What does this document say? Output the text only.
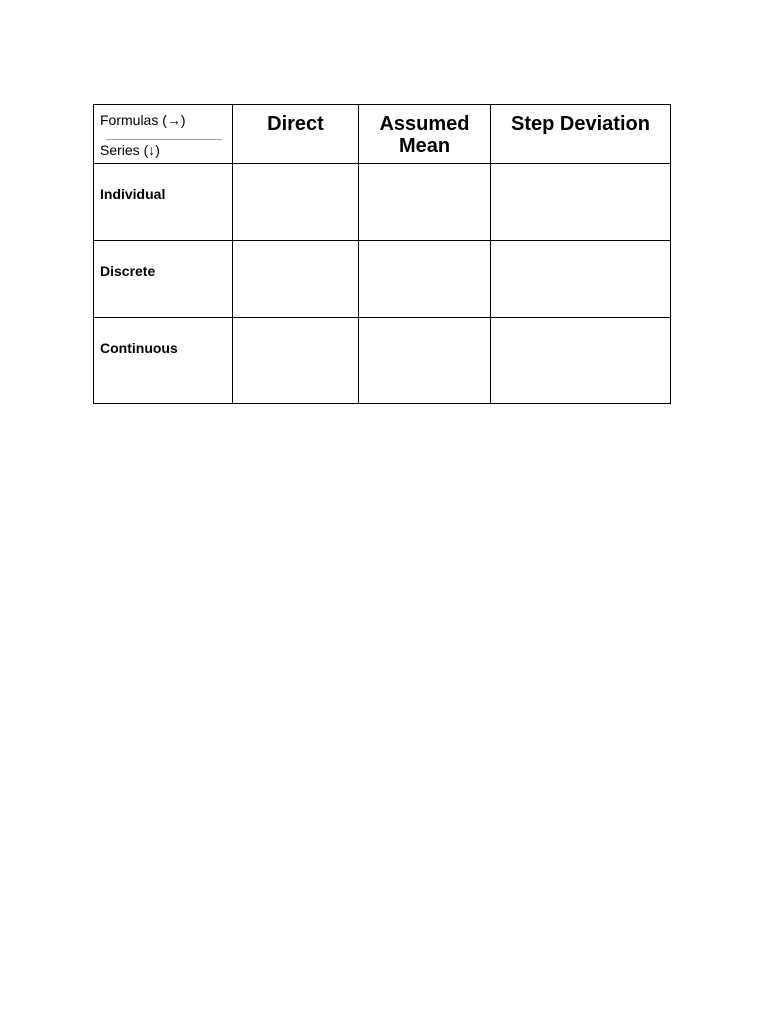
Formulas (→)
Series (↓)	Direct	Assumed Mean	Step Deviation
Individual			
Discrete			
Continuous			
